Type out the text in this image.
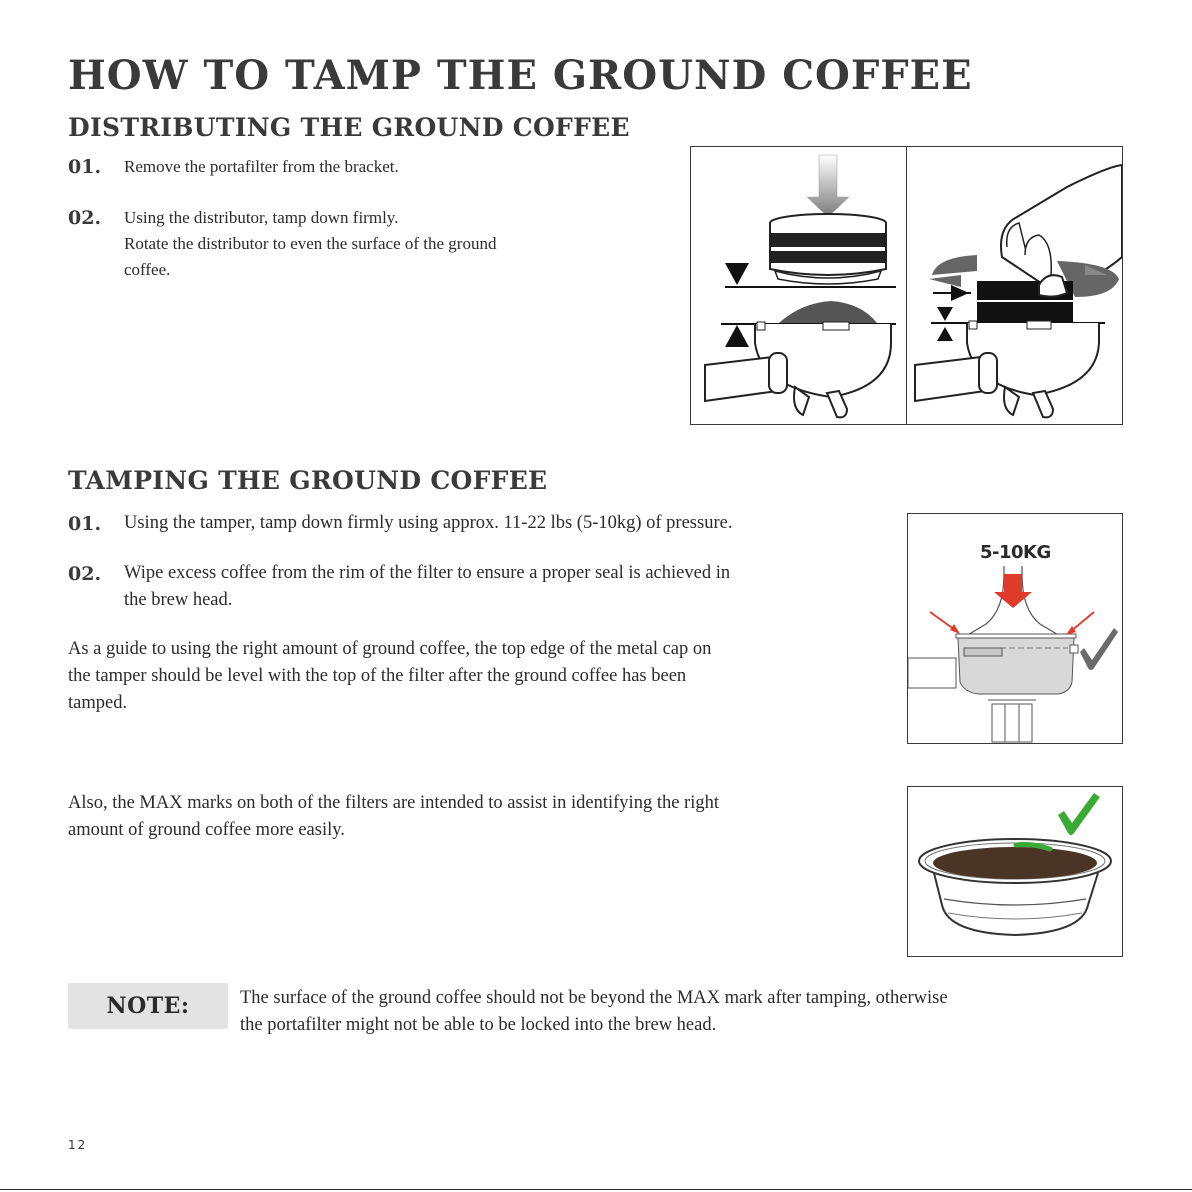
HOW TO TAMP THE GROUND COFFEE
DISTRIBUTING THE GROUND COFFEE
01. Remove the portafilter from the bracket.
02. Using the distributor, tamp down firmly.
Rotate the distributor to even the surface of the ground
coffee.
TAMPING THE GROUND COFFEE
01. Using the tamper, tamp down firmly using approx. 11-22 lbs (5-10kg) of pressure.
02. Wipe excess coffee from the rim of the filter to ensure a proper seal is achieved in
the brew head.
As a guide to using the right amount of ground coffee, the top edge of the metal cap on
the tamper should be level with the top of the filter after the ground coffee has been
tamped.
Also, the MAX marks on both of the filters are intended to assist in identifying the right
amount of ground coffee more easily.
5-10KG
NOTE:	The surface of the ground coffee should not be beyond the MAX mark after tamping, otherwise
the portafilter might not be able to be locked into the brew head.
12
